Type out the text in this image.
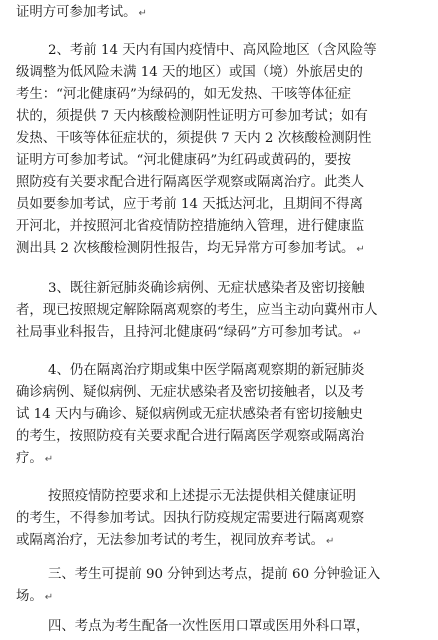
证明方可参加考试。 ↵
2、考前 14 天内有国内疫情中、高风险地区（含风险等
级调整为低风险未满 14 天的地区）或国（境）外旅居史的
考生：“河北健康码”为绿码的，如无发热、干咳等体征症
状的，须提供 7 天内核酸检测阴性证明方可参加考试；如有
发热、干咳等体征症状的，须提供 7 天内 2 次核酸检测阴性
证明方可参加考试。“河北健康码”为红码或黄码的，要按
照防疫有关要求配合进行隔离医学观察或隔离治疗。此类人
员如要参加考试，应于考前 14 天抵达河北，且期间不得离
开河北，并按照河北省疫情防控措施纳入管理，进行健康监
测出具 2 次核酸检测阴性报告，均无异常方可参加考试。 ↵
3、既往新冠肺炎确诊病例、无症状感染者及密切接触
者，现已按照规定解除隔离观察的考生，应当主动向冀州市人
社局事业科报告，且持河北健康码“绿码”方可参加考试。 ↵
4、仍在隔离治疗期或集中医学隔离观察期的新冠肺炎
确诊病例、疑似病例、无症状感染者及密切接触者，以及考
试 14 天内与确诊、疑似病例或无症状感染者有密切接触史
的考生，按照防疫有关要求配合进行隔离医学观察或隔离治
疗。 ↵
按照疫情防控要求和上述提示无法提供相关健康证明
的考生，不得参加考试。因执行防疫规定需要进行隔离观察
或隔离治疗，无法参加考试的考生，视同放弃考试。 ↵
三、考生可提前 90 分钟到达考点，提前 60 分钟验证入
场。 ↵
四、考点为考生配备一次性医用口罩或医用外科口罩，
